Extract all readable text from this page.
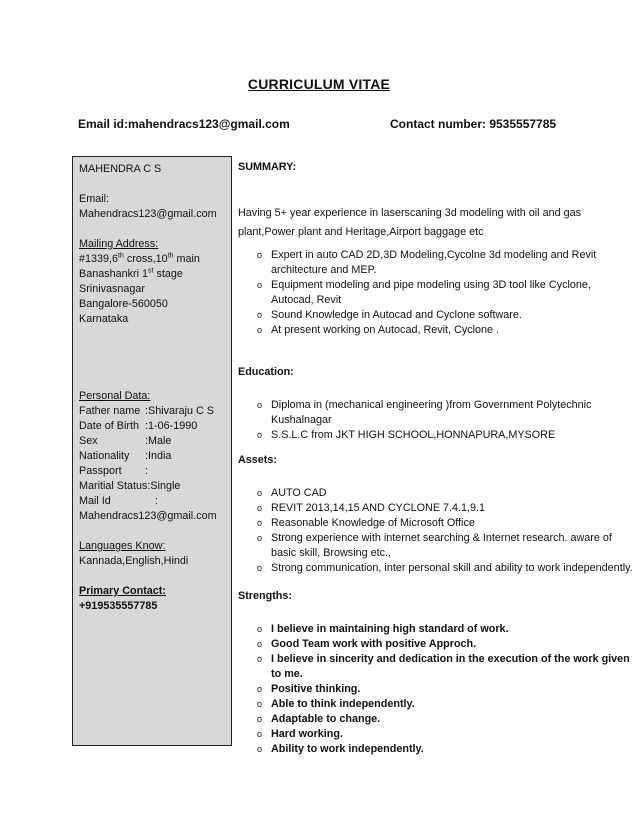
CURRICULUM VITAE
Email id:mahendracs123@gmail.com	Contact number: 9535557785
MAHENDRA C S
Email:
Mahendracs123@gmail.com
Mailing Address:
#1339,6th cross,10th main
Banashankri 1st stage
Srinivasnagar
Bangalore-560050
Karnataka
Personal Data:
Father name :Shivaraju C S
Date of Birth :1-06-1990
Sex	:Male
Nationality	:India
Passport	:
Maritial Status:Single
Mail Id	:
Mahendracs123@gmail.com
Languages Know:
Kannada,English,Hindi
Primary Contact:
+919535557785
SUMMARY:
Having 5+ year experience in laserscaning 3d modeling with oil and gas plant,Power plant and Heritage,Airport baggage etc
o Expert in auto CAD 2D,3D Modeling,Cycolne 3d modeling and Revit architecture and MEP.
o Equipment modeling and pipe modeling using 3D tool like Cyclone, Autocad, Revit
o Sound Knowledge in Autocad and Cyclone software.
o At present working on Autocad, Revit, Cyclone .
Education:
o Diploma in (mechanical engineering )from Government Polytechnic Kushalnagar
o S.S.L.C from JKT HIGH SCHOOL,HONNAPURA,MYSORE
Assets:
o AUTO CAD
o REVIT 2013,14,15 AND CYCLONE 7.4.1,9.1
o Reasonable Knowledge of Microsoft Office
o Strong experience with internet searching & Internet research. aware of basic skill, Browsing etc.,
o Strong communication, inter personal skill and ability to work independently.
Strengths:
o I believe in maintaining high standard of work.
o Good Team work with positive Approch.
o I believe in sincerity and dedication in the execution of the work given to me.
o Positive thinking.
o Able to think independently.
o Adaptable to change.
o Hard working.
o Ability to work independently.
